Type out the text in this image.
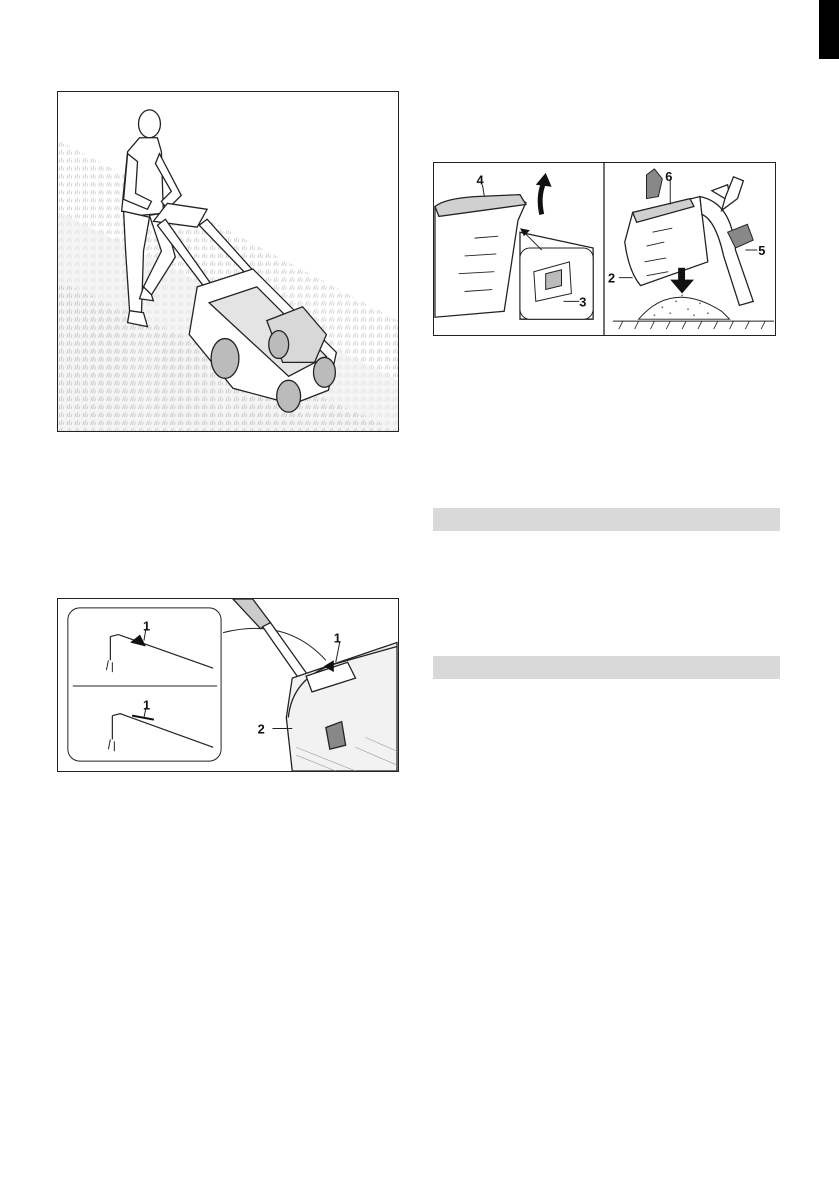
1
1
1
2
4
3
6
5
2
